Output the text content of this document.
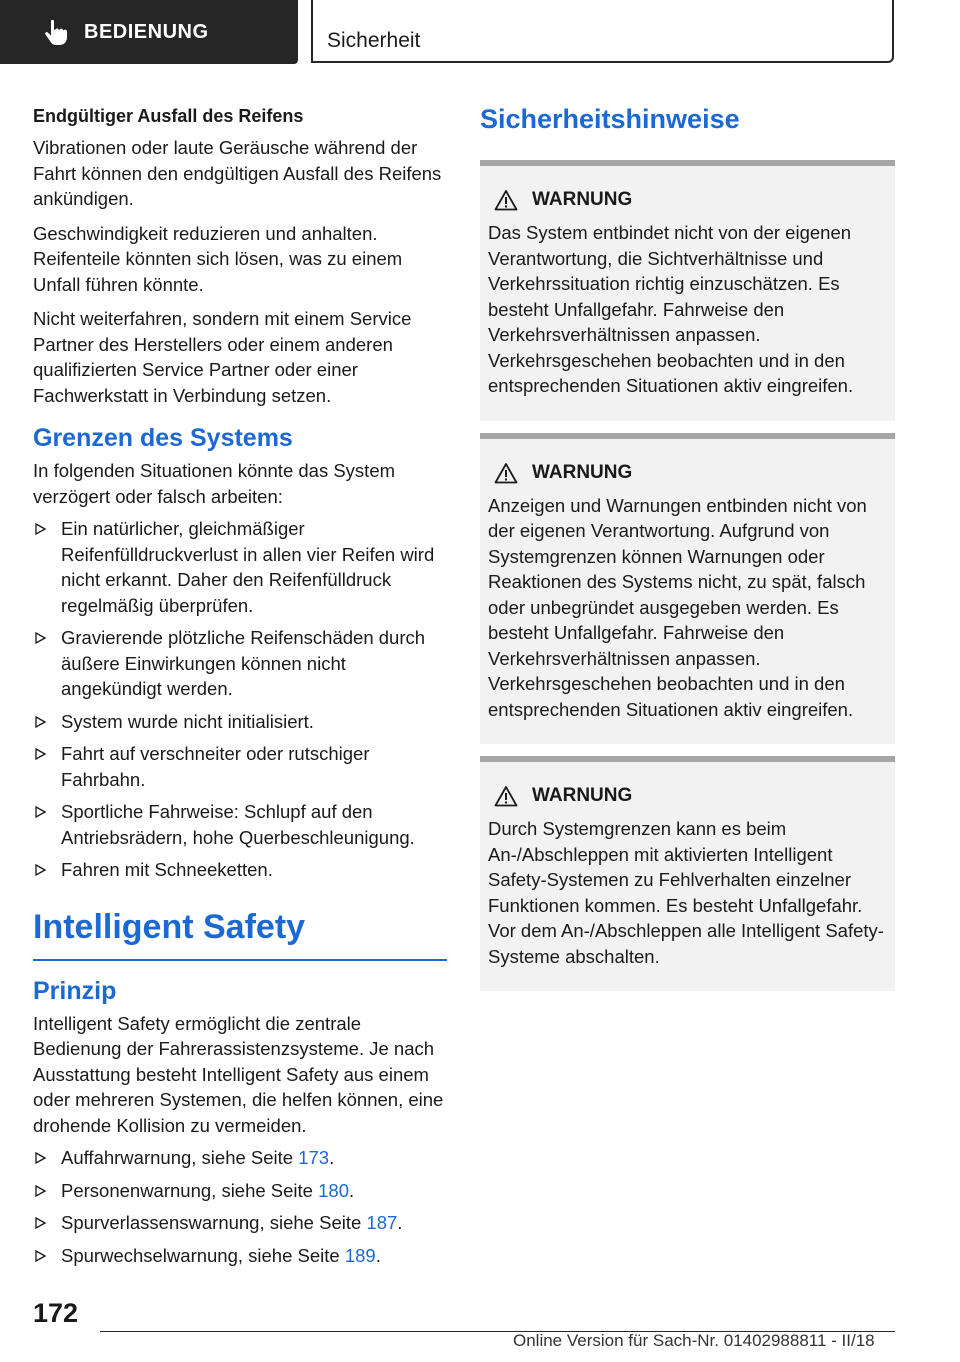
BEDIENUNG	Sicherheit
Endgültiger Ausfall des Reifens

Vibrationen oder laute Geräusche während der Fahrt können den endgültigen Ausfall des Reifens ankündigen.

Geschwindigkeit reduzieren und anhalten. Reifenteile könnten sich lösen, was zu einem Unfall führen könnte.

Nicht weiterfahren, sondern mit einem Service Partner des Herstellers oder einem anderen qualifizierten Service Partner oder einer Fachwerkstatt in Verbindung setzen.

Grenzen des Systems

In folgenden Situationen könnte das System verzögert oder falsch arbeiten:

Ein natürlicher, gleichmäßiger Reifenfülldruckverlust in allen vier Reifen wird nicht erkannt. Daher den Reifenfülldruck regelmäßig überprüfen.
Gravierende plötzliche Reifenschäden durch äußere Einwirkungen können nicht angekündigt werden.
System wurde nicht initialisiert.
Fahrt auf verschneiter oder rutschiger Fahrbahn.
Sportliche Fahrweise: Schlupf auf den Antriebsrädern, hohe Querbeschleunigung.
Fahren mit Schneeketten.
Intelligent Safety
Prinzip

Intelligent Safety ermöglicht die zentrale Bedienung der Fahrerassistenzsysteme. Je nach Ausstattung besteht Intelligent Safety aus einem oder mehreren Systemen, die helfen können, eine drohende Kollision zu vermeiden.

Auffahrwarnung, siehe Seite 173.
Personenwarnung, siehe Seite 180.
Spurverlassenswarnung, siehe Seite 187.
Spurwechselwarnung, siehe Seite 189.
Sicherheitshinweise
WARNUNG

Das System entbindet nicht von der eigenen Verantwortung, die Sichtverhältnisse und Verkehrssituation richtig einzuschätzen. Es besteht Unfallgefahr. Fahrweise den Verkehrsverhältnissen anpassen. Verkehrsgeschehen beobachten und in den entsprechenden Situationen aktiv eingreifen.

WARNUNG

Anzeigen und Warnungen entbinden nicht von der eigenen Verantwortung. Aufgrund von Systemgrenzen können Warnungen oder Reaktionen des Systems nicht, zu spät, falsch oder unbegründet ausgegeben werden. Es besteht Unfallgefahr. Fahrweise den Verkehrsverhältnissen anpassen. Verkehrsgeschehen beobachten und in den entsprechenden Situationen aktiv eingreifen.

WARNUNG

Durch Systemgrenzen kann es beim An-/Abschleppen mit aktivierten Intelligent Safety-Systemen zu Fehlverhalten einzelner Funktionen kommen. Es besteht Unfallgefahr. Vor dem An-/Abschleppen alle Intelligent Safety-Systeme abschalten.

172
Online Version für Sach-Nr. 01402988811 - II/18
